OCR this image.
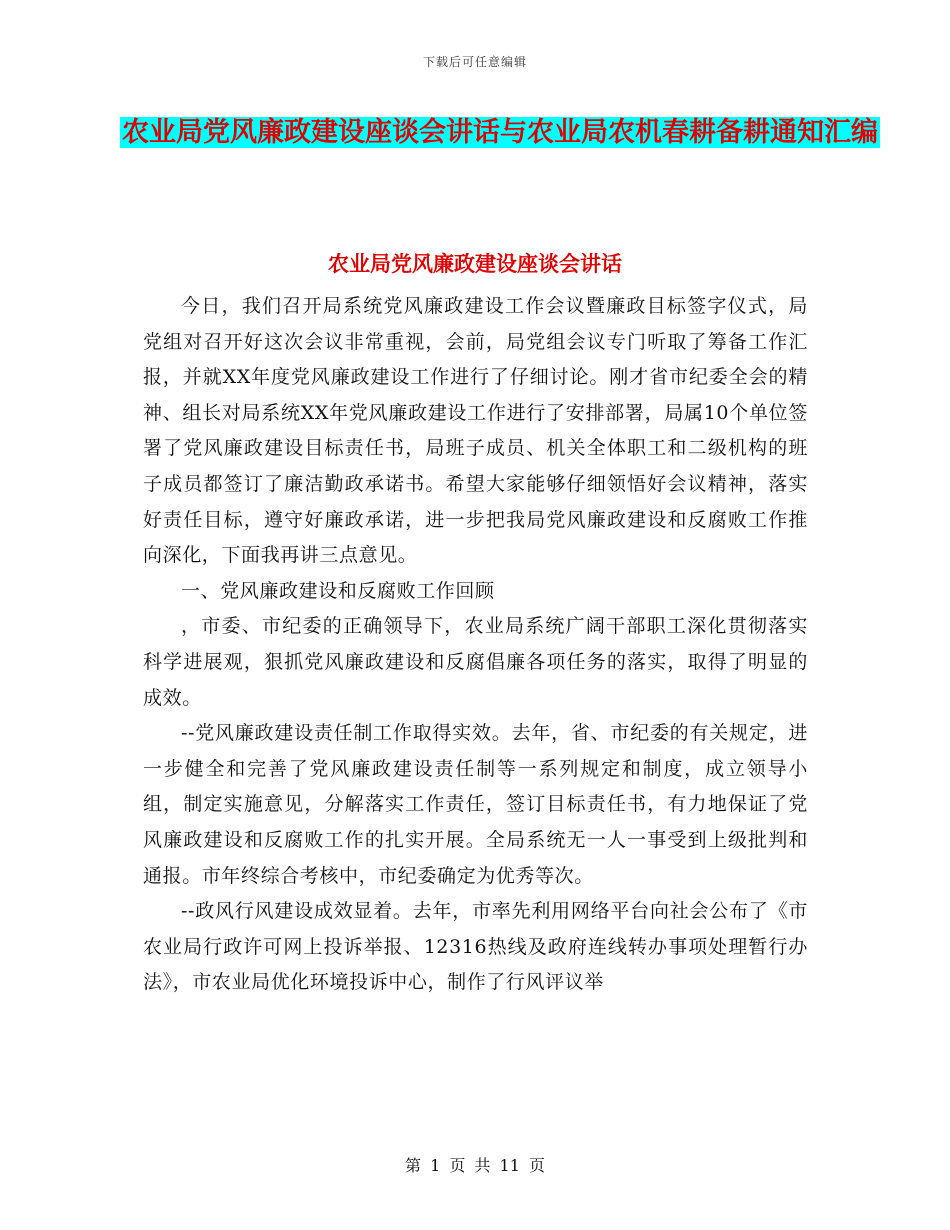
下载后可任意编辑
农业局党风廉政建设座谈会讲话与农业局农机春耕备耕通知汇编
农业局党风廉政建设座谈会讲话

今日，我们召开局系统党风廉政建设工作会议暨廉政目标签字仪式，局党组对召开好这次会议非常重视，会前，局党组会议专门听取了筹备工作汇报，并就XX年度党风廉政建设工作进行了仔细讨论。刚才省市纪委全会的精神、组长对局系统XX年党风廉政建设工作进行了安排部署，局属10个单位签署了党风廉政建设目标责任书，局班子成员、机关全体职工和二级机构的班子成员都签订了廉洁勤政承诺书。希望大家能够仔细领悟好会议精神，落实好责任目标，遵守好廉政承诺，进一步把我局党风廉政建设和反腐败工作推向深化，下面我再讲三点意见。

一、党风廉政建设和反腐败工作回顾

，市委、市纪委的正确领导下，农业局系统广阔干部职工深化贯彻落实科学进展观，狠抓党风廉政建设和反腐倡廉各项任务的落实，取得了明显的成效。

--党风廉政建设责任制工作取得实效。去年，省、市纪委的有关规定，进一步健全和完善了党风廉政建设责任制等一系列规定和制度，成立领导小组，制定实施意见，分解落实工作责任，签订目标责任书，有力地保证了党风廉政建设和反腐败工作的扎实开展。全局系统无一人一事受到上级批判和通报。市年终综合考核中，市纪委确定为优秀等次。

--政风行风建设成效显着。去年，市率先利用网络平台向社会公布了《市农业局行政许可网上投诉举报、12316热线及政府连线转办事项处理暂行办法》，市农业局优化环境投诉中心，制作了行风评议举

第 1 页 共 11 页
